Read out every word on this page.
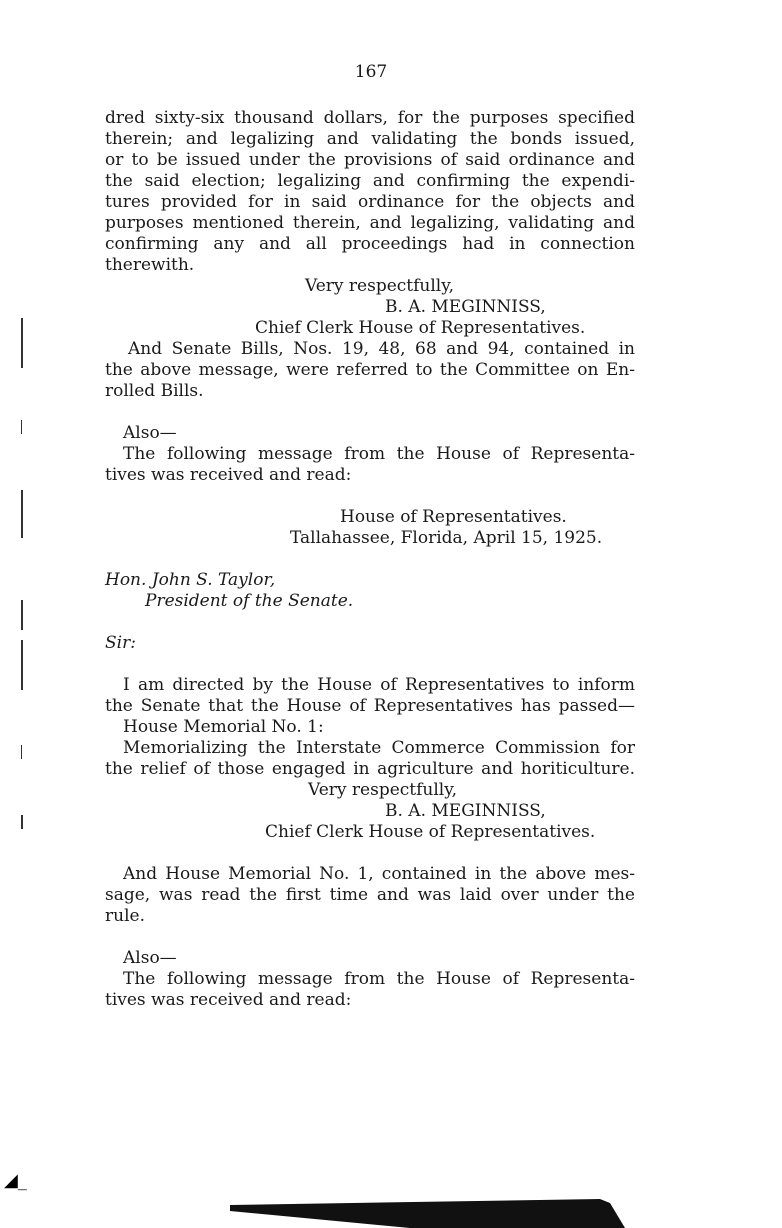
167
dred sixty-six thousand dollars, for the purposes specified
therein; and legalizing and validating the bonds issued,
or to be issued under the provisions of said ordinance and
the said election; legalizing and confirming the expendi-
tures provided for in said ordinance for the objects and
purposes mentioned therein, and legalizing, validating and
confirming any and all proceedings had in connection
therewith.
Very respectfully,
B. A. MEGINNISS,
Chief Clerk House of Representatives.
And Senate Bills, Nos. 19, 48, 68 and 94, contained in
the above message, were referred to the Committee on En-
rolled Bills.
Also—
The following message from the House of Representa-
tives was received and read:
House of Representatives.
Tallahassee, Florida, April 15, 1925.
Hon. John S. Taylor,
President of the Senate.
Sir:
I am directed by the House of Representatives to inform
the Senate that the House of Representatives has passed—
House Memorial No. 1:
Memorializing the Interstate Commerce Commission for
the relief of those engaged in agriculture and horiticulture.
Very respectfully,
B. A. MEGINNISS,
Chief Clerk House of Representatives.
And House Memorial No. 1, contained in the above mes-
sage, was read the first time and was laid over under the
rule.
Also—
The following message from the House of Representa-
tives was received and read:
◢_
